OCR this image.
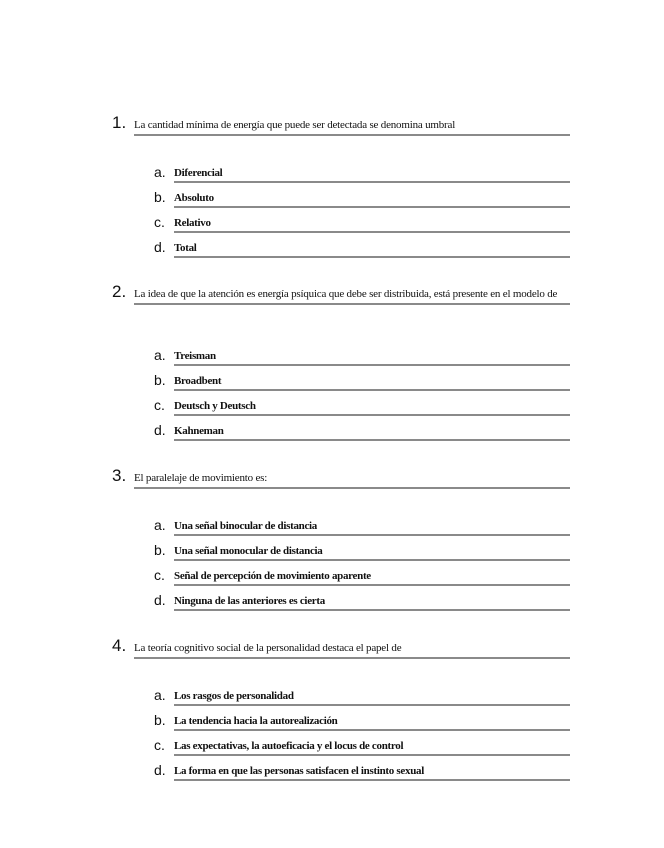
1. La cantidad mínima de energía que puede ser detectada se denomina umbral
a. Diferencial
b. Absoluto
c. Relativo
d. Total
2. La idea de que la atención es energía psíquica que debe ser distribuida, está presente en el modelo de
a. Treisman
b. Broadbent
c. Deutsch y Deutsch
d. Kahneman
3. El paralelaje de movimiento es:
a. Una señal binocular de distancia
b. Una señal monocular de distancia
c. Señal de percepción de movimiento aparente
d. Ninguna de las anteriores es cierta
4. La teoría cognitivo social de la personalidad destaca el papel de
a. Los rasgos de personalidad
b. La tendencia hacia la autorealización
c. Las expectativas, la autoeficacia y el locus de control
d. La forma en que las personas satisfacen el instinto sexual
